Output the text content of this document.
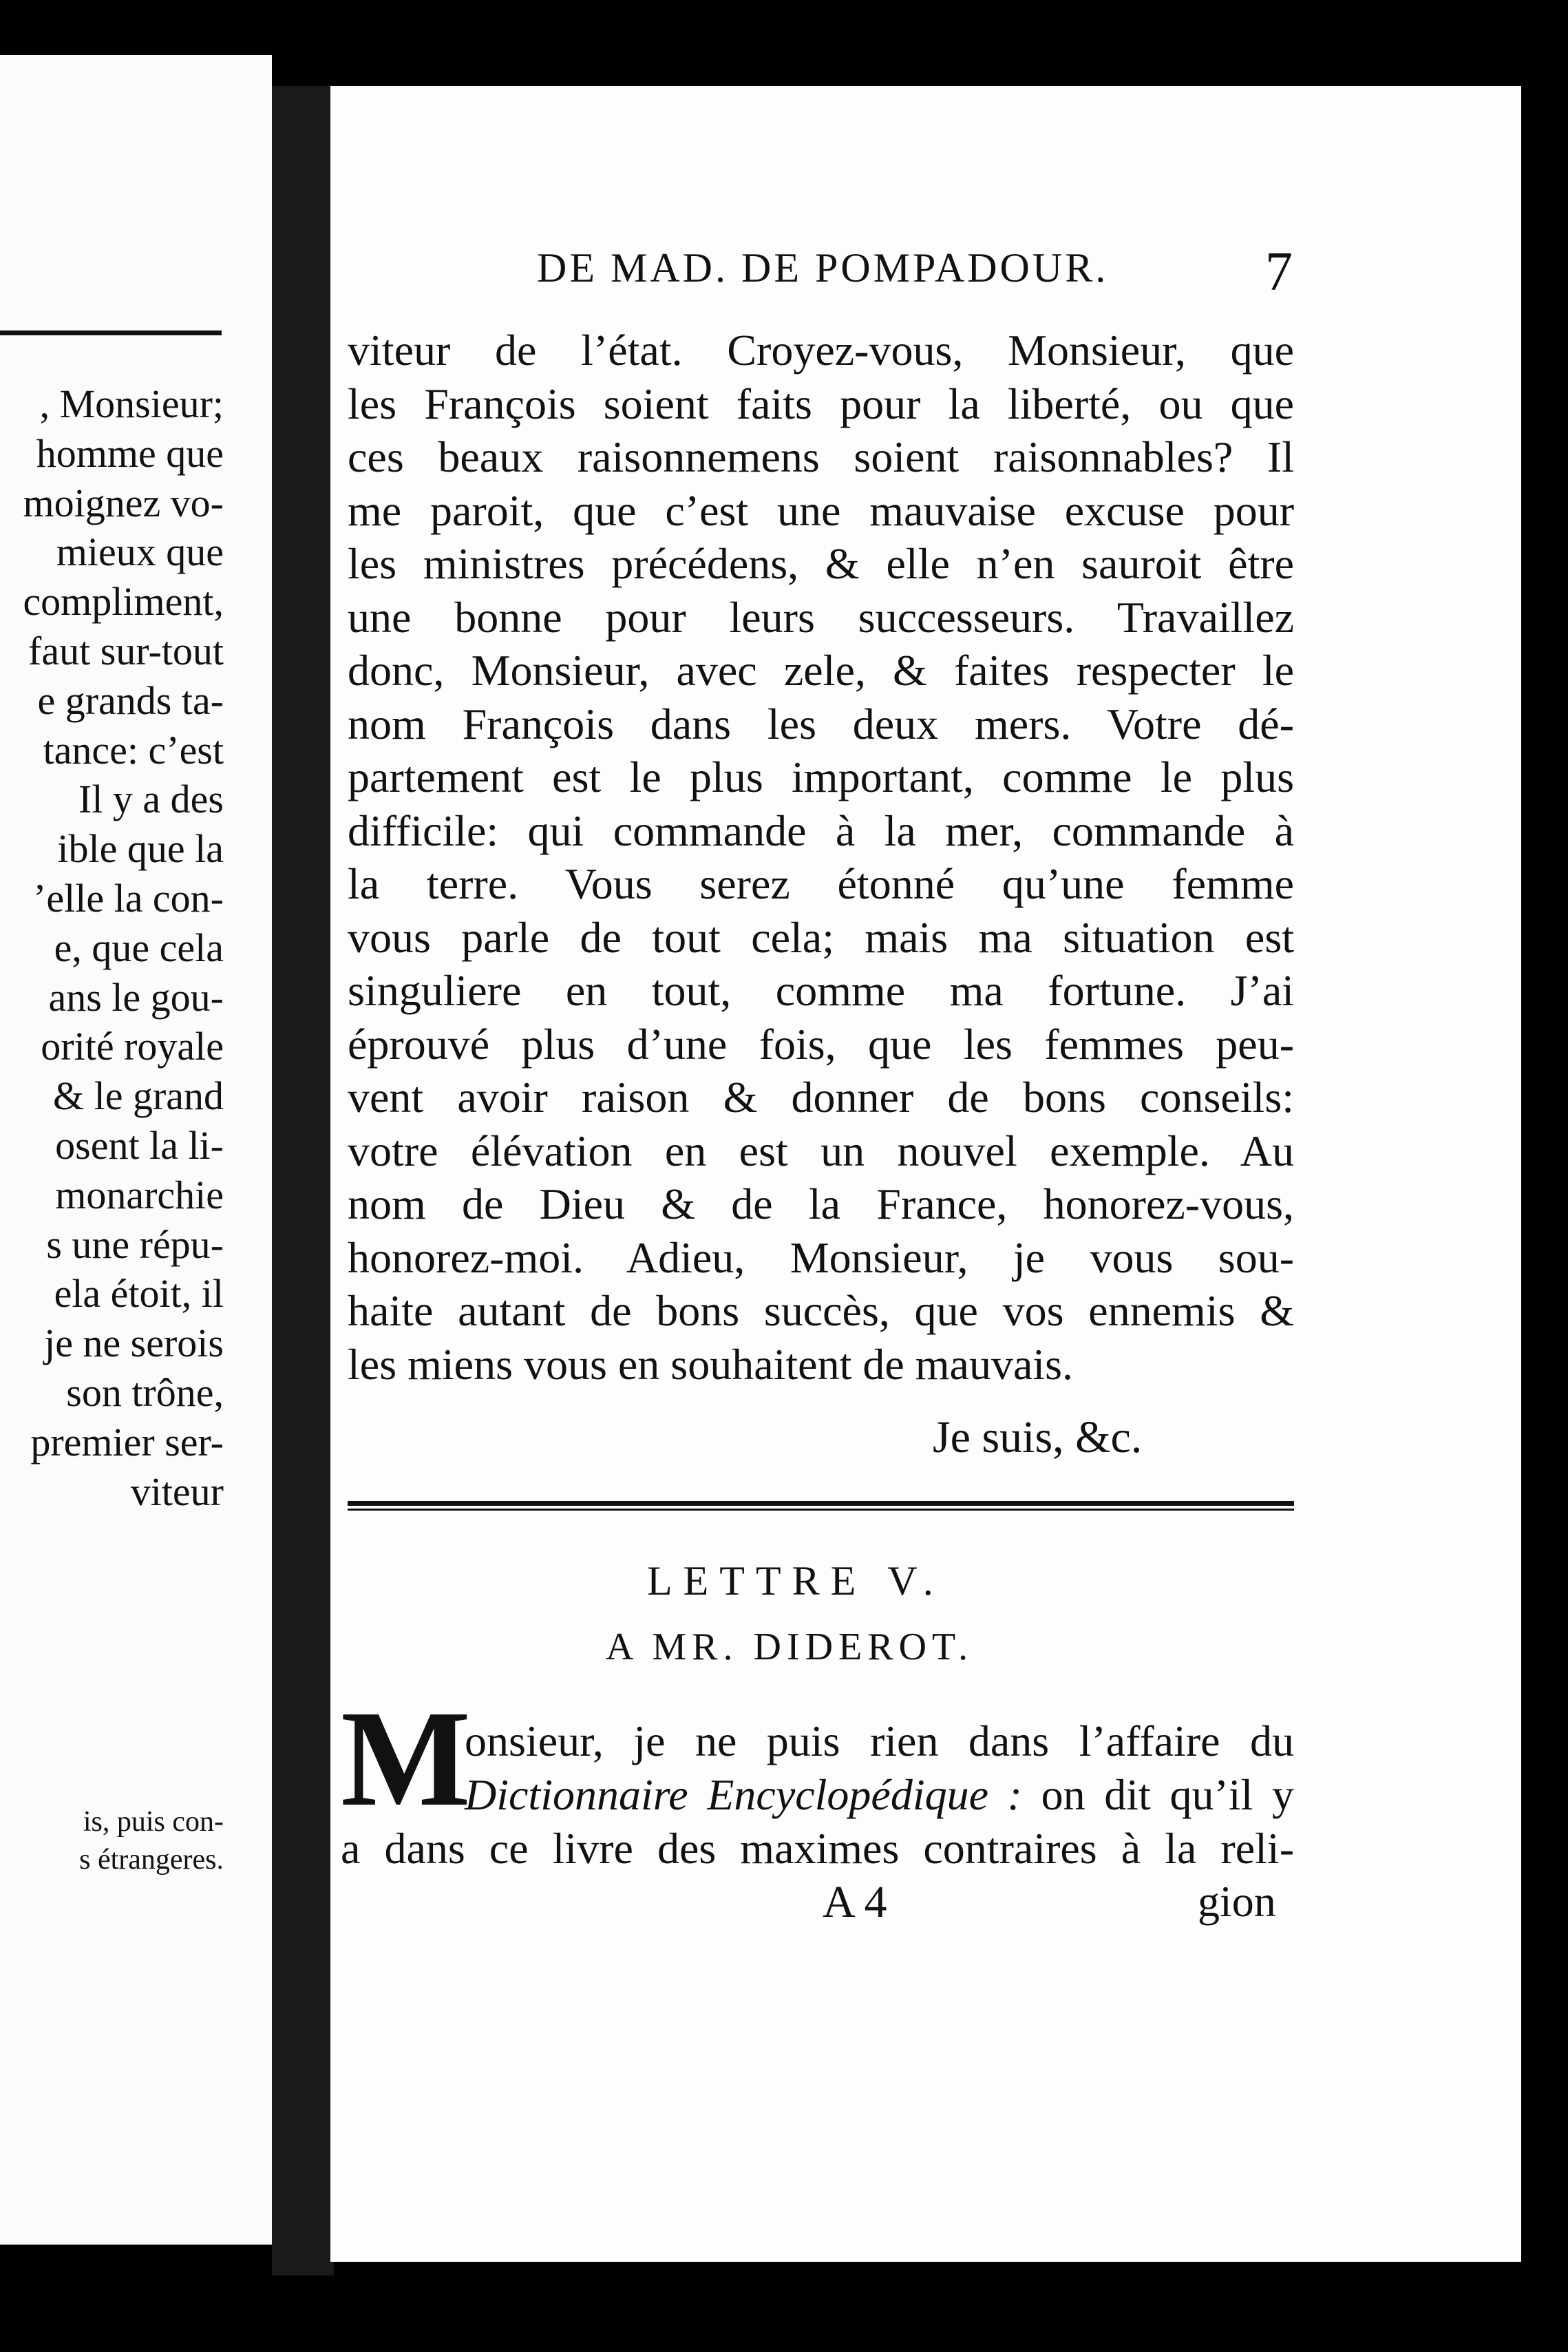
, Monsieur;
homme que
moignez vo-
mieux que
compliment,
faut sur-tout
e grands ta-
tance: c’est
Il y a des
ible que la
’elle la con-
e, que cela
ans le gou-
orité royale
& le grand
osent la li-
monarchie
s une répu-
ela étoit, il
je ne serois
son trône,
premier ser-
viteur
is, puis con-
s étrangeres.
DE MAD. DE POMPADOUR.	7
viteur de l’état. Croyez-vous, Monsieur, que
les François soient faits pour la liberté, ou que
ces beaux raisonnemens soient raisonnables? Il
me paroit, que c’est une mauvaise excuse pour
les ministres précédens, & elle n’en sauroit être
une bonne pour leurs successeurs. Travaillez
donc, Monsieur, avec zele, & faites respecter le
nom François dans les deux mers. Votre dé-
partement est le plus important, comme le plus
difficile: qui commande à la mer, commande à
la terre. Vous serez étonné qu’une femme
vous parle de tout cela; mais ma situation est
singuliere en tout, comme ma fortune. J’ai
éprouvé plus d’une fois, que les femmes peu-
vent avoir raison & donner de bons conseils:
votre élévation en est un nouvel exemple. Au
nom de Dieu & de la France, honorez-vous,
honorez-moi. Adieu, Monsieur, je vous sou-
haite autant de bons succès, que vos ennemis &
les miens vous en souhaitent de mauvais.
Je suis, &c.
LETTRE V.
A MR. DIDEROT.
M
onsieur, je ne puis rien dans l’affaire du
Dictionnaire Encyclopédique : on dit qu’il y
a dans ce livre des maximes contraires à la reli-
A 4	gion
